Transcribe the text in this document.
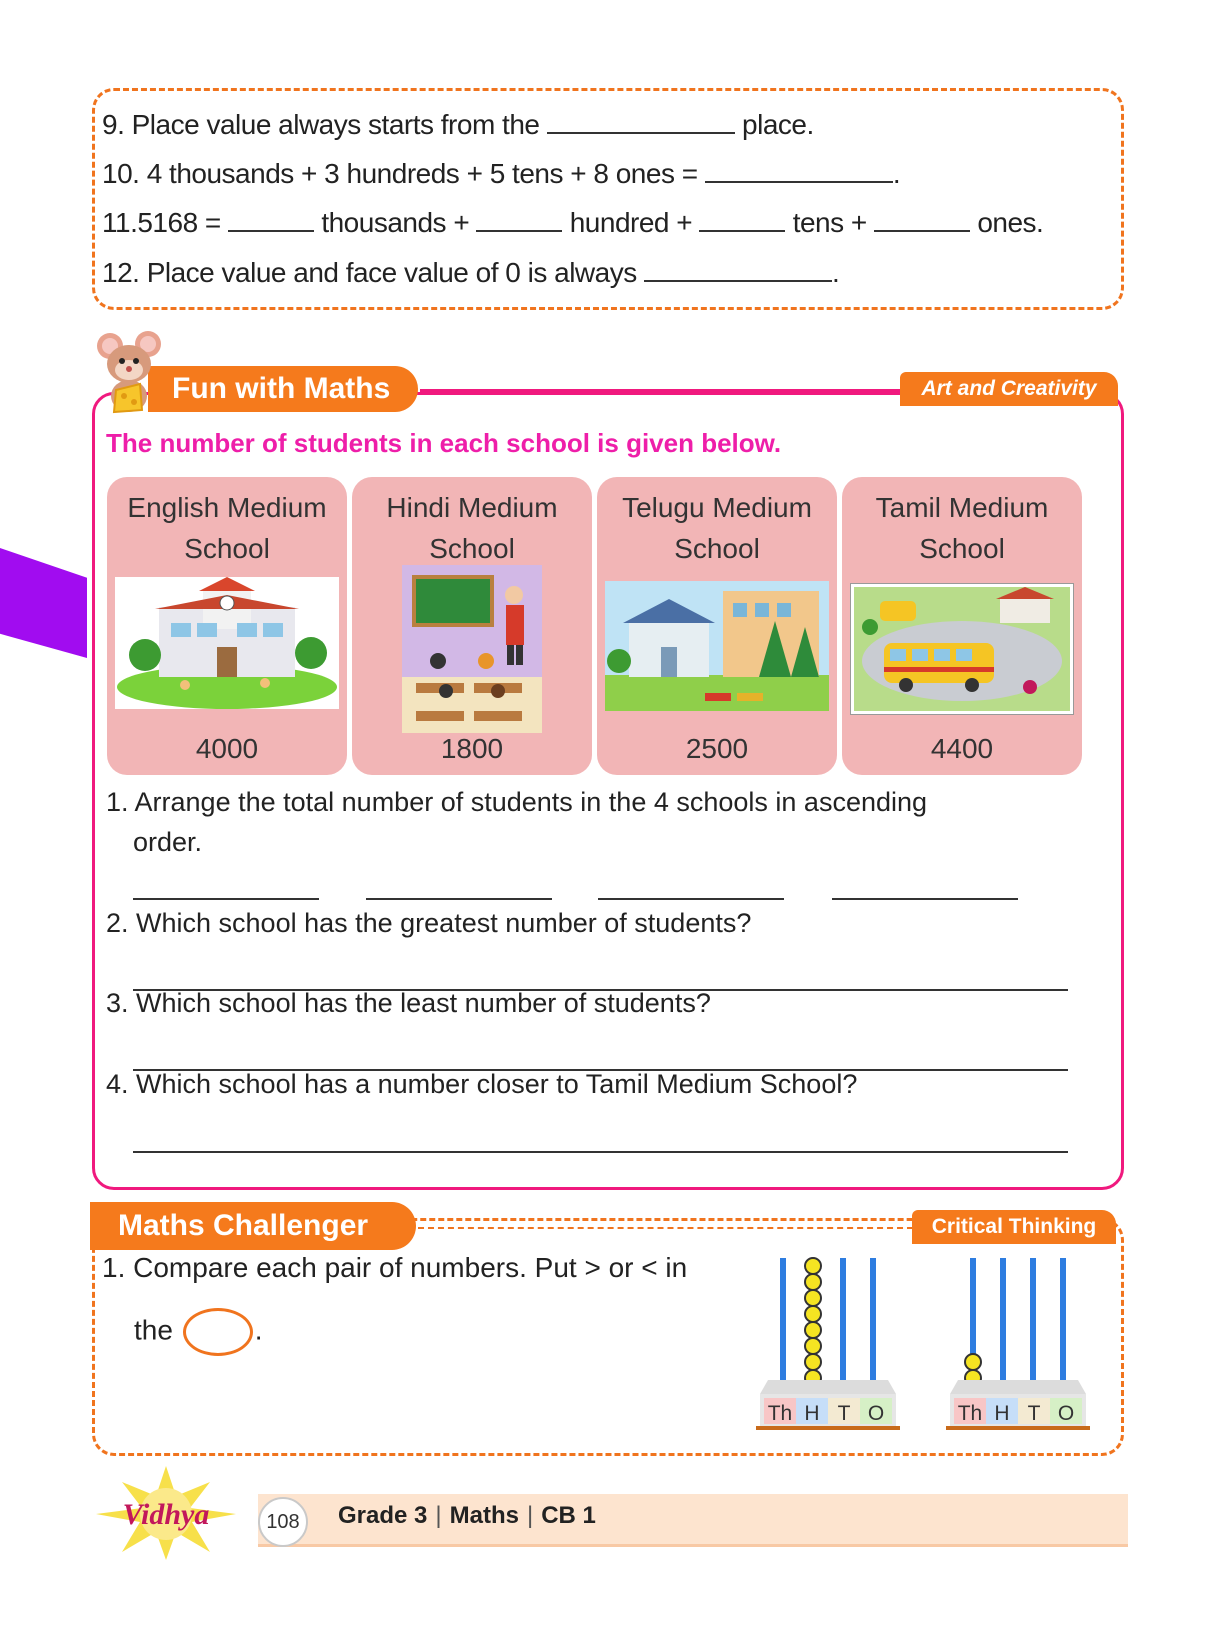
9. Place value always starts from the	place.
10. 4 thousands + 3 hundreds + 5 tens + 8 ones =	.
11.5168 =	thousands +	hundred +	tens +	ones.
12. Place value and face value of 0 is always	.
Fun with Maths	Art and Creativity
The number of students in each school is given below.
English Medium
School
4000
Hindi Medium
School
1800
Telugu Medium
School
2500
Tamil Medium
School
4400
1. Arrange the total number of students in the 4 schools in ascending
order.
2. Which school has the greatest number of students?
3. Which school has the least number of students?
4. Which school has a number closer to Tamil Medium School?
Maths Challenger	Critical Thinking
1. Compare each pair of numbers. Put > or < in
the	.
Th H T O	Th H T O
Vidhya	108	Grade 3 | Maths | CB 1
